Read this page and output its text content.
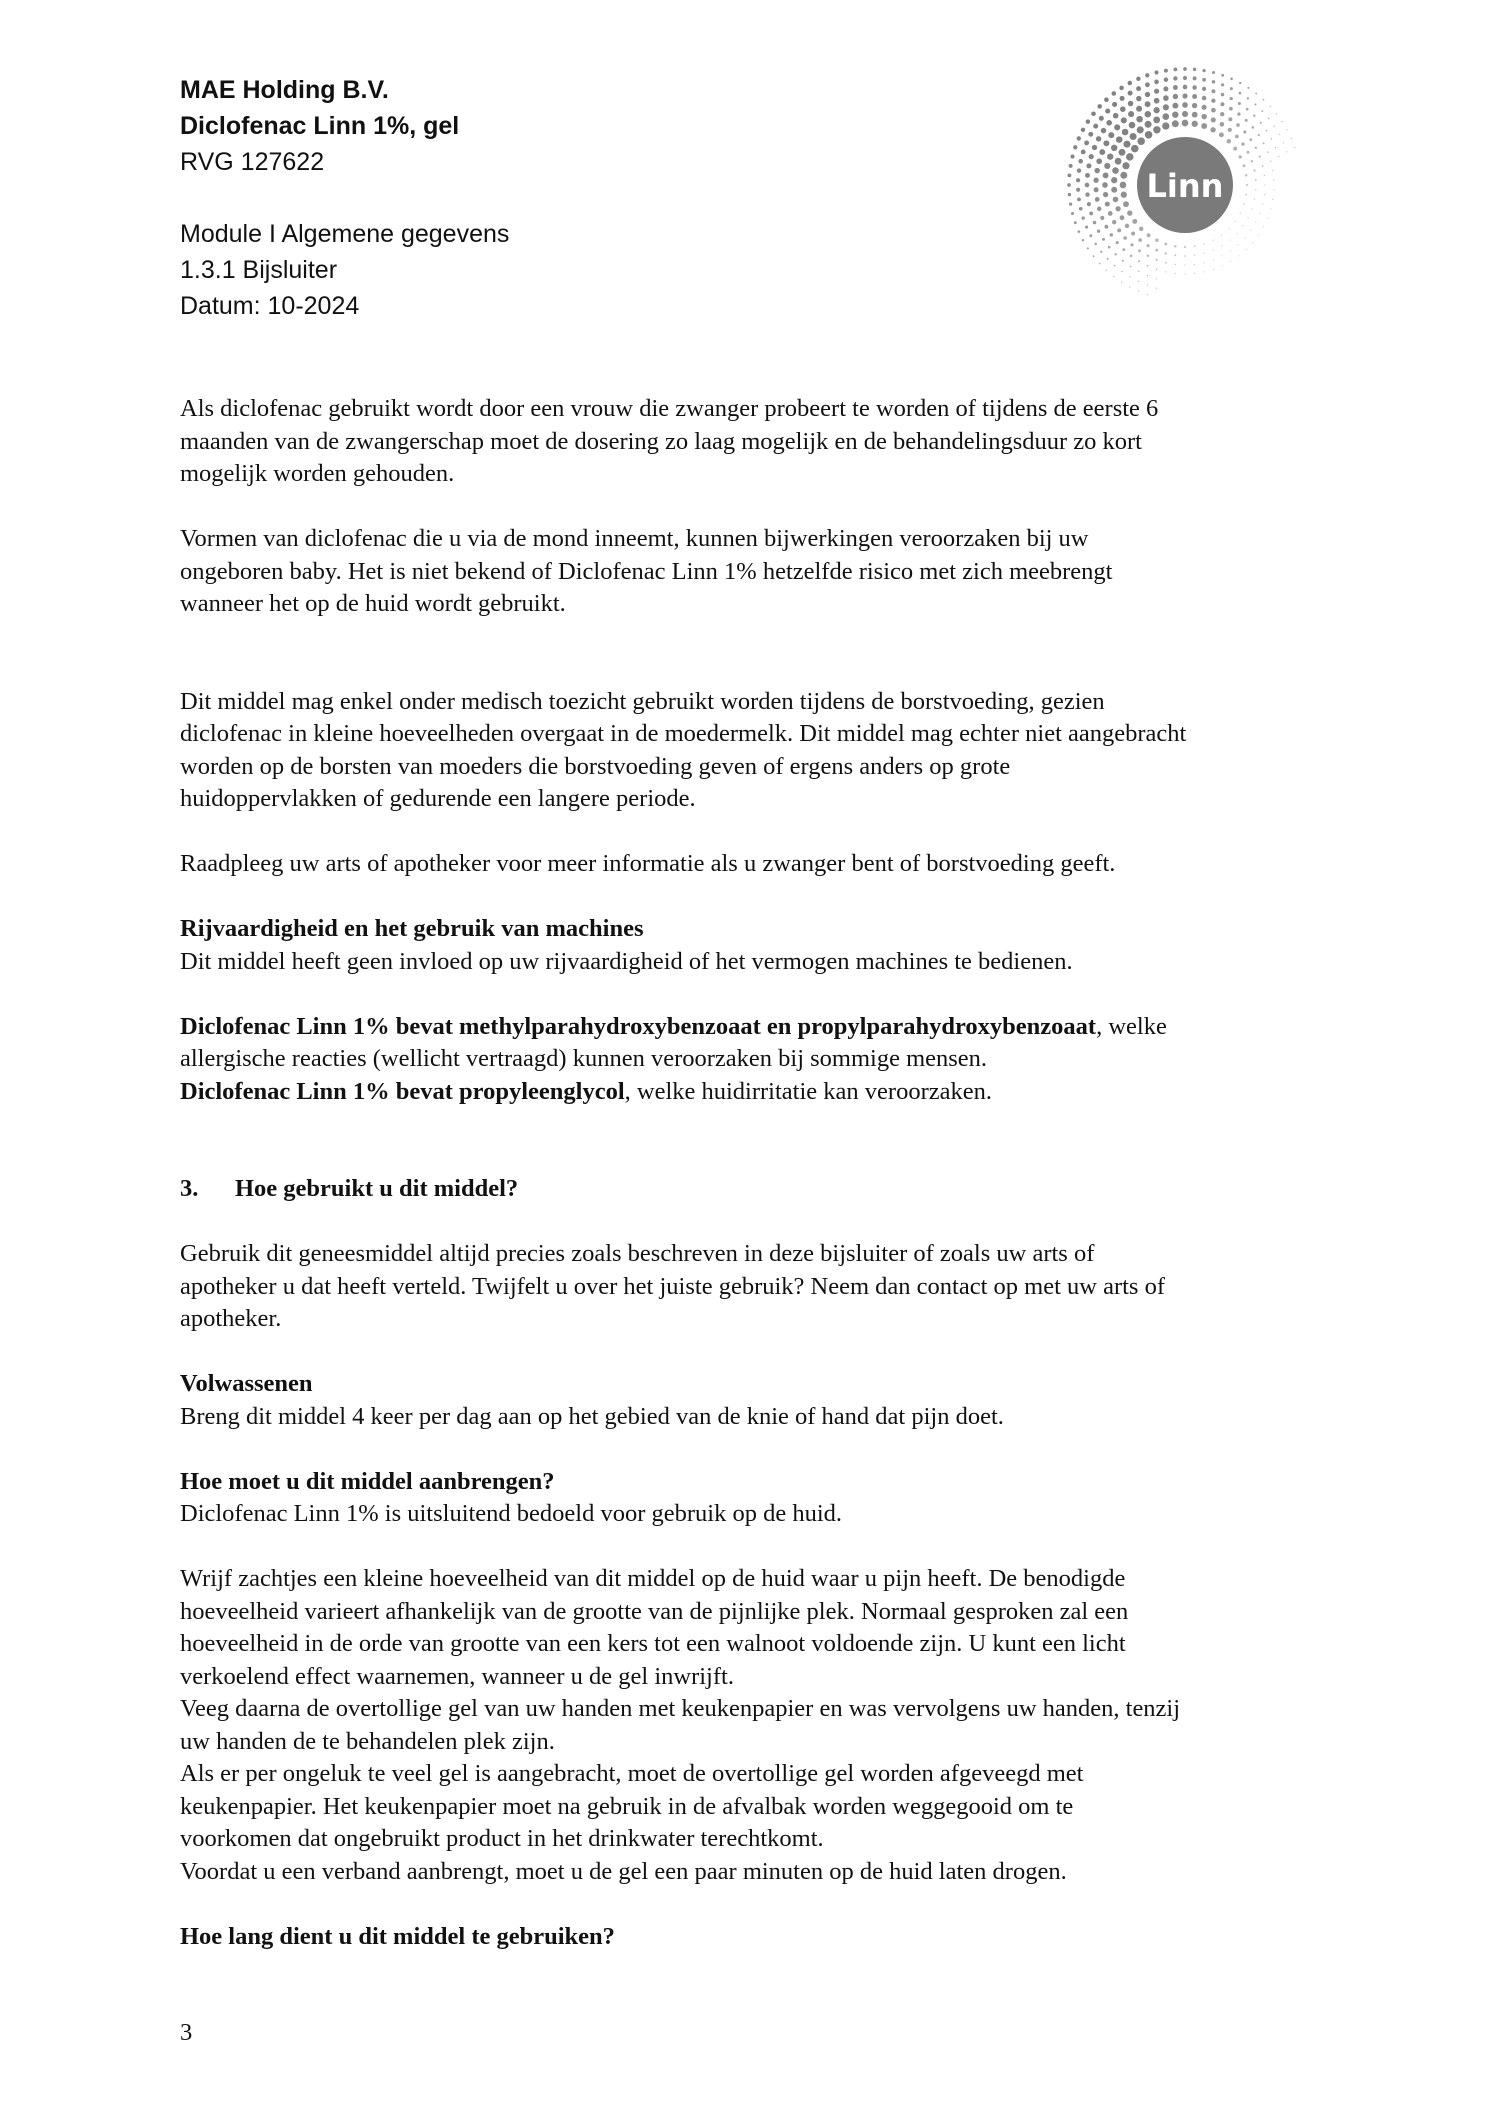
MAE Holding B.V.
Diclofenac Linn 1%, gel
RVG 127622
Module I Algemene gegevens
1.3.1 Bijsluiter
Datum: 10-2024
Linn
Als diclofenac gebruikt wordt door een vrouw die zwanger probeert te worden of tijdens de eerste 6
maanden van de zwangerschap moet de dosering zo laag mogelijk en de behandelingsduur zo kort
mogelijk worden gehouden.
Vormen van diclofenac die u via de mond inneemt, kunnen bijwerkingen veroorzaken bij uw
ongeboren baby. Het is niet bekend of Diclofenac Linn 1% hetzelfde risico met zich meebrengt
wanneer het op de huid wordt gebruikt.
Dit middel mag enkel onder medisch toezicht gebruikt worden tijdens de borstvoeding, gezien
diclofenac in kleine hoeveelheden overgaat in de moedermelk. Dit middel mag echter niet aangebracht
worden op de borsten van moeders die borstvoeding geven of ergens anders op grote
huidoppervlakken of gedurende een langere periode.
Raadpleeg uw arts of apotheker voor meer informatie als u zwanger bent of borstvoeding geeft.
Rijvaardigheid en het gebruik van machines
Dit middel heeft geen invloed op uw rijvaardigheid of het vermogen machines te bedienen.
Diclofenac Linn 1% bevat methylparahydroxybenzoaat en propylparahydroxybenzoaat, welke
allergische reacties (wellicht vertraagd) kunnen veroorzaken bij sommige mensen.
Diclofenac Linn 1% bevat propyleenglycol, welke huidirritatie kan veroorzaken.
3. Hoe gebruikt u dit middel?
Gebruik dit geneesmiddel altijd precies zoals beschreven in deze bijsluiter of zoals uw arts of
apotheker u dat heeft verteld. Twijfelt u over het juiste gebruik? Neem dan contact op met uw arts of
apotheker.
Volwassenen
Breng dit middel 4 keer per dag aan op het gebied van de knie of hand dat pijn doet.
Hoe moet u dit middel aanbrengen?
Diclofenac Linn 1% is uitsluitend bedoeld voor gebruik op de huid.
Wrijf zachtjes een kleine hoeveelheid van dit middel op de huid waar u pijn heeft. De benodigde
hoeveelheid varieert afhankelijk van de grootte van de pijnlijke plek. Normaal gesproken zal een
hoeveelheid in de orde van grootte van een kers tot een walnoot voldoende zijn. U kunt een licht
verkoelend effect waarnemen, wanneer u de gel inwrijft.
Veeg daarna de overtollige gel van uw handen met keukenpapier en was vervolgens uw handen, tenzij
uw handen de te behandelen plek zijn.
Als er per ongeluk te veel gel is aangebracht, moet de overtollige gel worden afgeveegd met
keukenpapier. Het keukenpapier moet na gebruik in de afvalbak worden weggegooid om te
voorkomen dat ongebruikt product in het drinkwater terechtkomt.
Voordat u een verband aanbrengt, moet u de gel een paar minuten op de huid laten drogen.
Hoe lang dient u dit middel te gebruiken?
3
